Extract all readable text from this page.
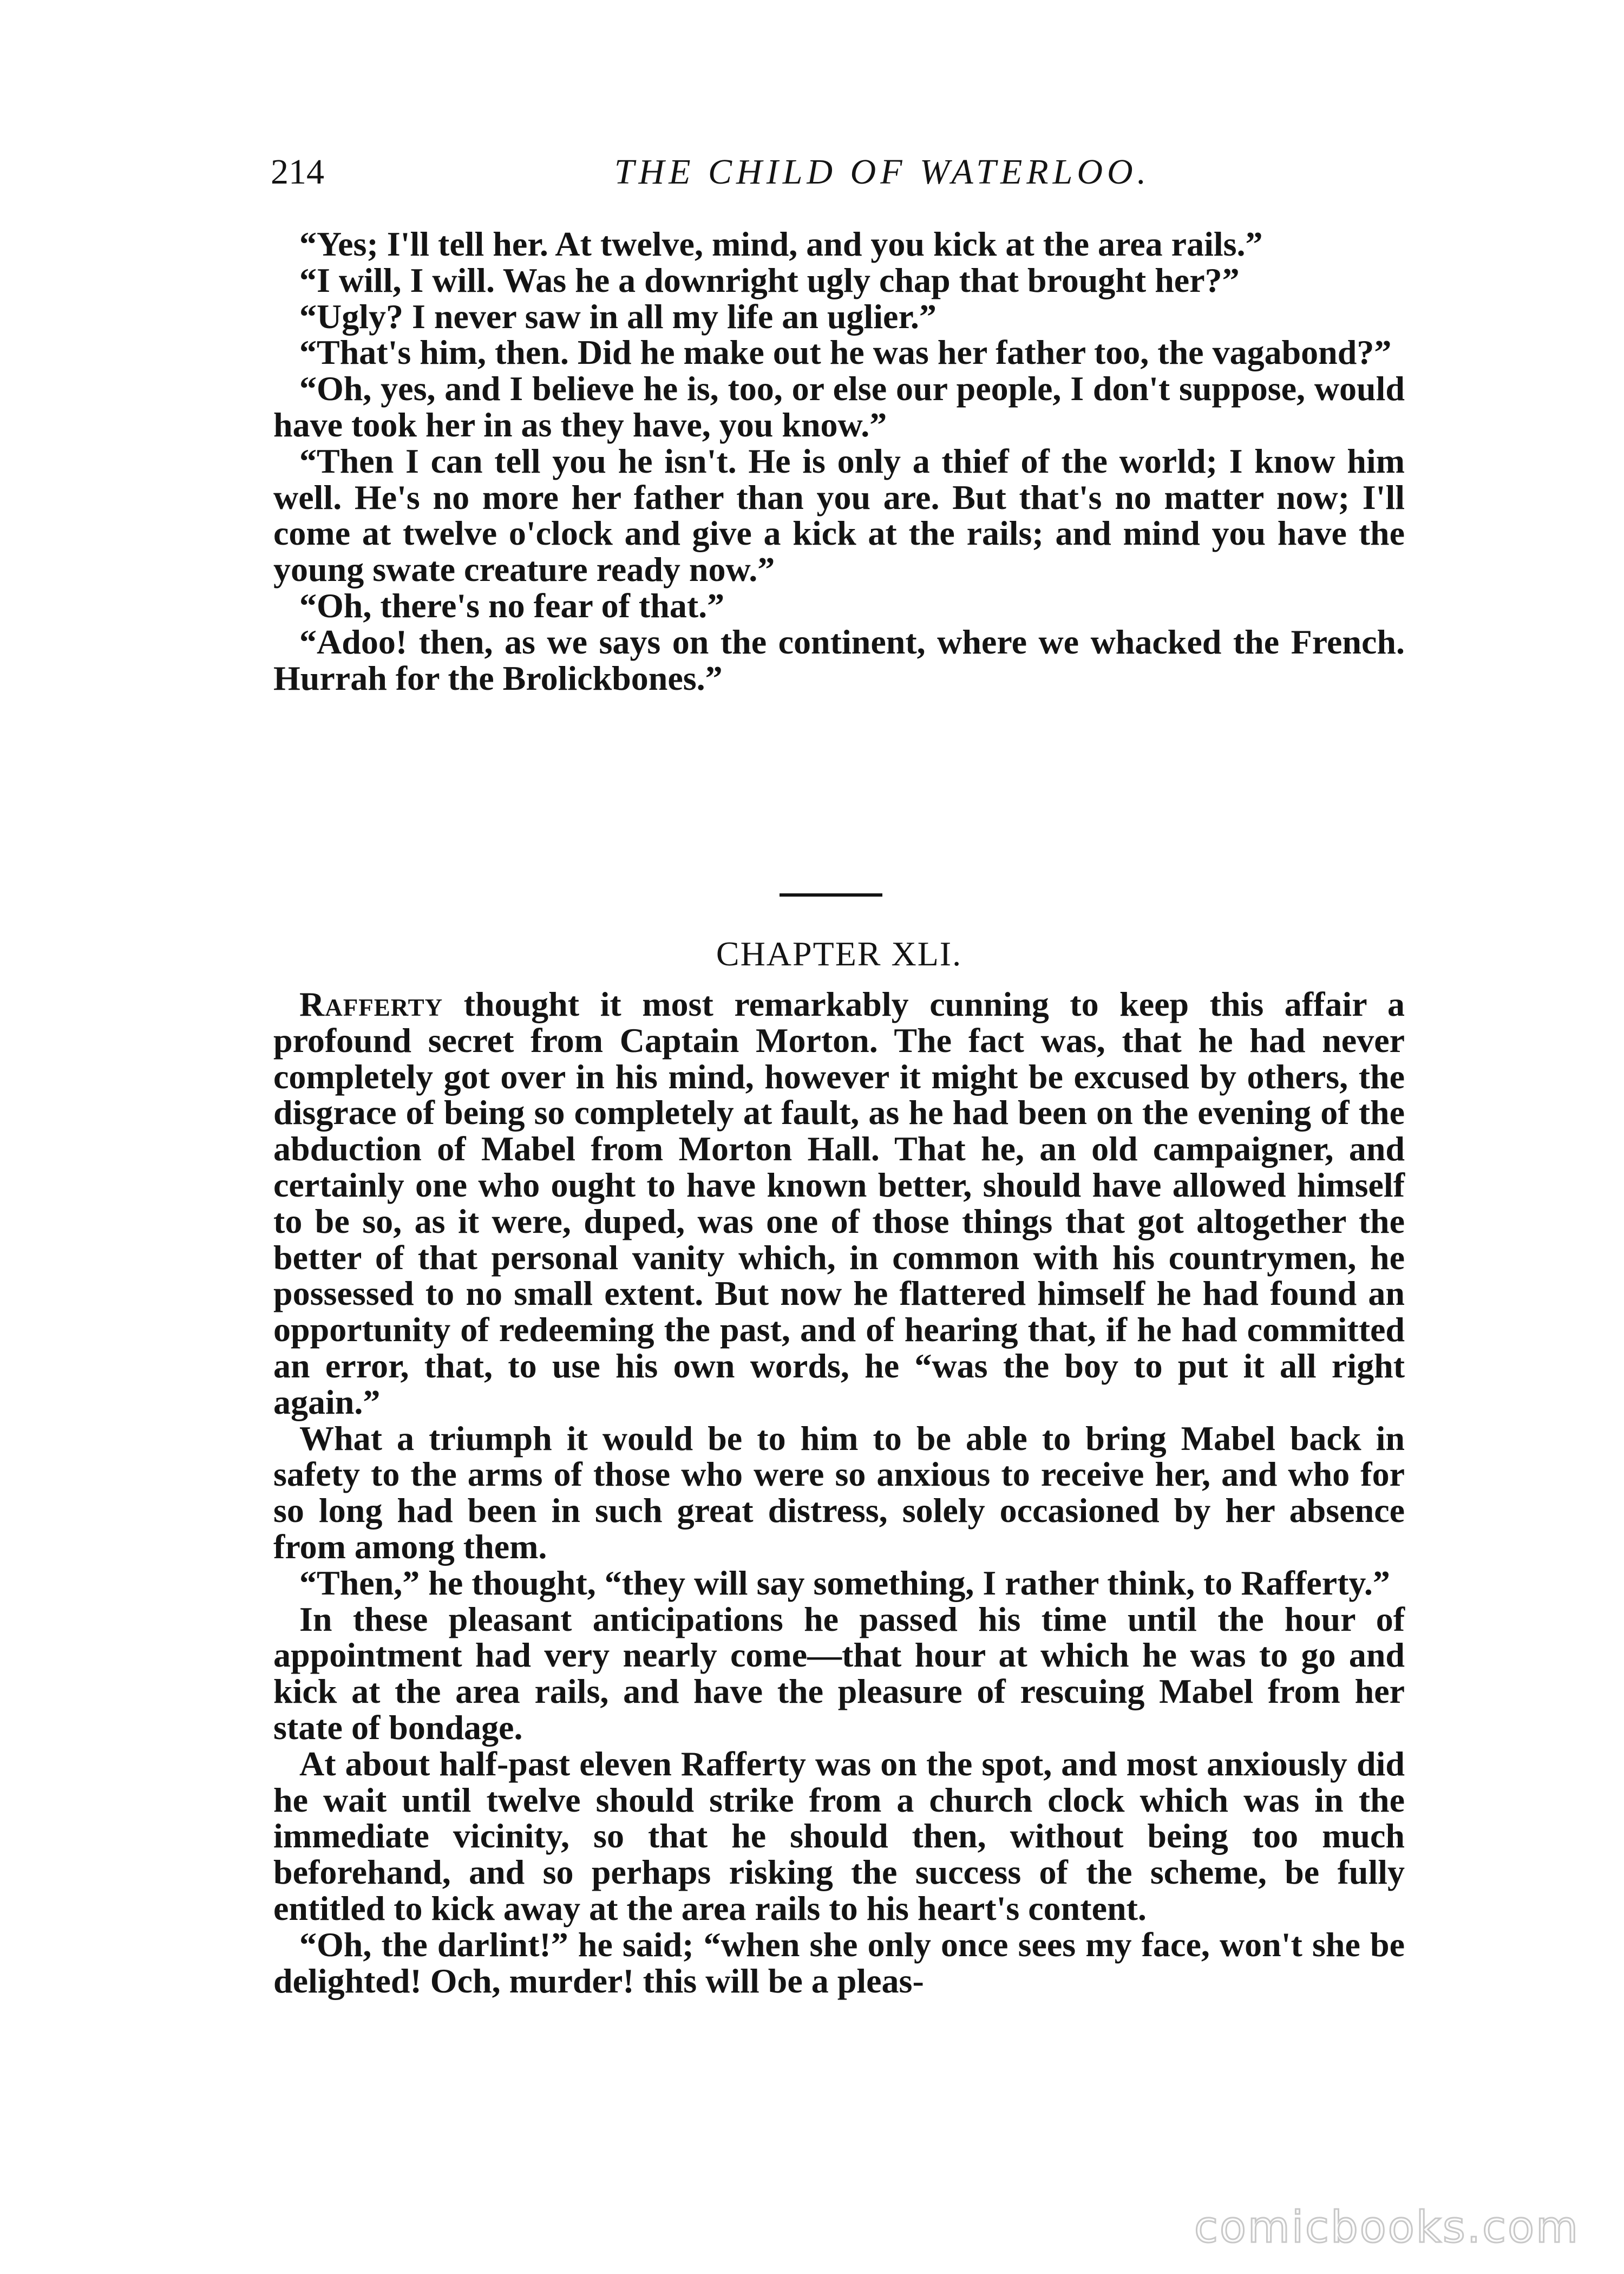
214	THE CHILD OF WATERLOO.

“Yes; I'll tell her. At twelve, mind, and you kick at the area rails.”

“I will, I will. Was he a downright ugly chap that brought her?”

“Ugly? I never saw in all my life an uglier.”

“That's him, then. Did he make out he was her father too, the vagabond?”

“Oh, yes, and I believe he is, too, or else our people, I don't suppose, would have took her in as they have, you know.”

“Then I can tell you he isn't. He is only a thief of the world; I know him well. He's no more her father than you are. But that's no matter now; I'll come at twelve o'clock and give a kick at the rails; and mind you have the young swate creature ready now.”

“Oh, there's no fear of that.”

“Adoo! then, as we says on the continent, where we whacked the French. Hurrah for the Brolickbones.”

CHAPTER XLI.

Rafferty thought it most remarkably cunning to keep this affair a profound secret from Captain Morton. The fact was, that he had never completely got over in his mind, however it might be excused by others, the disgrace of being so completely at fault, as he had been on the evening of the abduction of Mabel from Morton Hall. That he, an old campaigner, and certainly one who ought to have known better, should have allowed himself to be so, as it were, duped, was one of those things that got altogether the better of that personal vanity which, in common with his countrymen, he possessed to no small extent. But now he flattered himself he had found an opportunity of redeeming the past, and of hearing that, if he had committed an error, that, to use his own words, he “was the boy to put it all right again.”

What a triumph it would be to him to be able to bring Mabel back in safety to the arms of those who were so anxious to receive her, and who for so long had been in such great distress, solely occasioned by her absence from among them.

“Then,” he thought, “they will say something, I rather think, to Rafferty.”

In these pleasant anticipations he passed his time until the hour of appointment had very nearly come—that hour at which he was to go and kick at the area rails, and have the pleasure of rescuing Mabel from her state of bondage.

At about half-past eleven Rafferty was on the spot, and most anxiously did he wait until twelve should strike from a church clock which was in the immediate vicinity, so that he should then, without being too much beforehand, and so perhaps risking the success of the scheme, be fully entitled to kick away at the area rails to his heart's content.

“Oh, the darlint!” he said; “when she only once sees my face, won't she be delighted! Och, murder! this will be a pleas-

comicbooks.com
